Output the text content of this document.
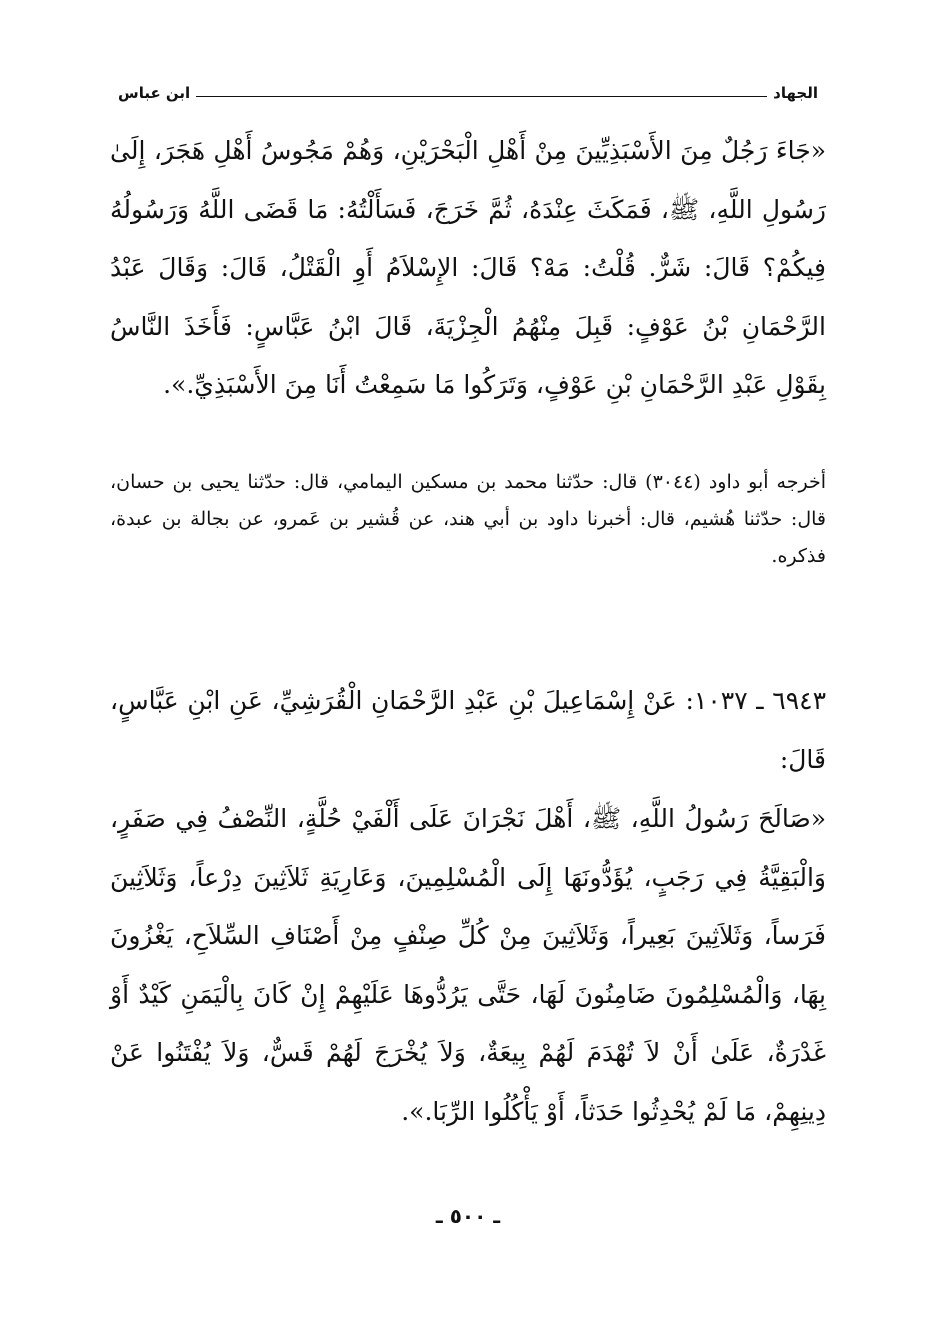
الجهاد
ابن عباس
«جَاءَ رَجُلٌ مِنَ الأَسْبَذِيِّينَ مِنْ أَهْلِ الْبَحْرَيْنِ، وَهُمْ مَجُوسُ أَهْلِ هَجَرَ، إِلَىٰ رَسُولِ اللَّهِ، ﷺ، فَمَكَثَ عِنْدَهُ، ثُمَّ خَرَجَ، فَسَأَلْتُهُ: مَا قَضَى اللَّهُ وَرَسُولُهُ فِيكُمْ؟ قَالَ: شَرٌّ. قُلْتُ: مَهْ؟ قَالَ: الإِسْلاَمُ أَوِ الْقَتْلُ، قَالَ: وَقَالَ عَبْدُ الرَّحْمَانِ بْنُ عَوْفٍ: قَبِلَ مِنْهُمُ الْجِزْيَةَ، قَالَ ابْنُ عَبَّاسٍ: فَأَخَذَ النَّاسُ بِقَوْلِ عَبْدِ الرَّحْمَانِ بْنِ عَوْفٍ، وَتَرَكُوا مَا سَمِعْتُ أَنَا مِنَ الأَسْبَذِيِّ.».
أخرجه أبو داود (٣٠٤٤) قال: حدّثنا محمد بن مسكين اليمامي، قال: حدّثنا يحيى بن حسان، قال: حدّثنا هُشيم، قال: أخبرنا داود بن أبي هند، عن قُشير بن عَمرو، عن بجالة بن عبدة، فذكره.
٦٩٤٣ ـ ١٠٣٧: عَنْ إِسْمَاعِيلَ بْنِ عَبْدِ الرَّحْمَانِ الْقُرَشِيِّ، عَنِ ابْنِ عَبَّاسٍ، قَالَ:
«صَالَحَ رَسُولُ اللَّهِ، ﷺ، أَهْلَ نَجْرَانَ عَلَى أَلْفَيْ حُلَّةٍ، النِّصْفُ فِي صَفَرٍ، وَالْبَقِيَّةُ فِي رَجَبٍ، يُؤَدُّونَهَا إِلَى الْمُسْلِمِينَ، وَعَارِيَةِ ثَلاَثِينَ دِرْعاً، وَثَلاَثِينَ فَرَساً، وَثَلاَثِينَ بَعِيراً، وَثَلاَثِينَ مِنْ كُلِّ صِنْفٍ مِنْ أَصْنَافِ السِّلاَحِ، يَغْزُونَ بِهَا، وَالْمُسْلِمُونَ ضَامِنُونَ لَهَا، حَتَّى يَرُدُّوهَا عَلَيْهِمْ إِنْ كَانَ بِالْيَمَنِ كَيْدٌ أَوْ غَدْرَةٌ، عَلَىٰ أَنْ لاَ تُهْدَمَ لَهُمْ بِيعَةٌ، وَلاَ يُخْرَجَ لَهُمْ قَسٌّ، وَلاَ يُفْتَنُوا عَنْ دِينِهِمْ، مَا لَمْ يُحْدِثُوا حَدَثاً، أَوْ يَأْكُلُوا الرِّبَا.».
ـ ٥٠٠ ـ
